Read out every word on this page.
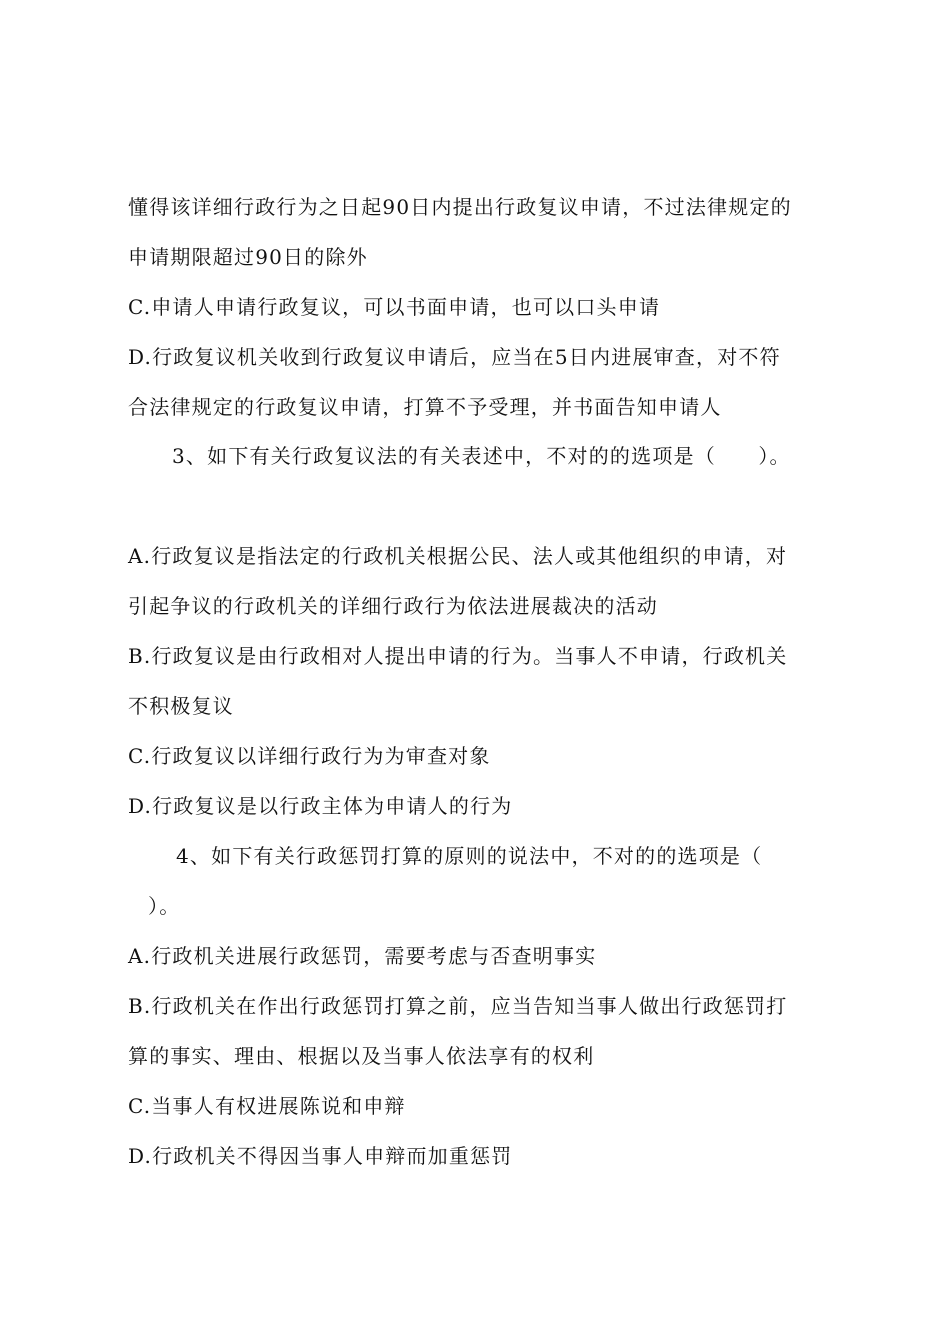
懂得该详细行政行为之日起90日内提出行政复议申请，不过法律规定的
申请期限超过90日的除外
C.申请人申请行政复议，可以书面申请，也可以口头申请
D.行政复议机关收到行政复议申请后，应当在5日内进展审查，对不符
合法律规定的行政复议申请，打算不予受理，并书面告知申请人
3、如下有关行政复议法的有关表述中，不对的的选项是（　　）。
A.行政复议是指法定的行政机关根据公民、法人或其他组织的申请，对
引起争议的行政机关的详细行政行为依法进展裁决的活动
B.行政复议是由行政相对人提出申请的行为。当事人不申请，行政机关
不积极复议
C.行政复议以详细行政行为为审查对象
D.行政复议是以行政主体为申请人的行为
4、如下有关行政惩罚打算的原则的说法中，不对的的选项是（
）。
A.行政机关进展行政惩罚，需要考虑与否查明事实
B.行政机关在作出行政惩罚打算之前，应当告知当事人做出行政惩罚打
算的事实、理由、根据以及当事人依法享有的权利
C.当事人有权进展陈说和申辩
D.行政机关不得因当事人申辩而加重惩罚
